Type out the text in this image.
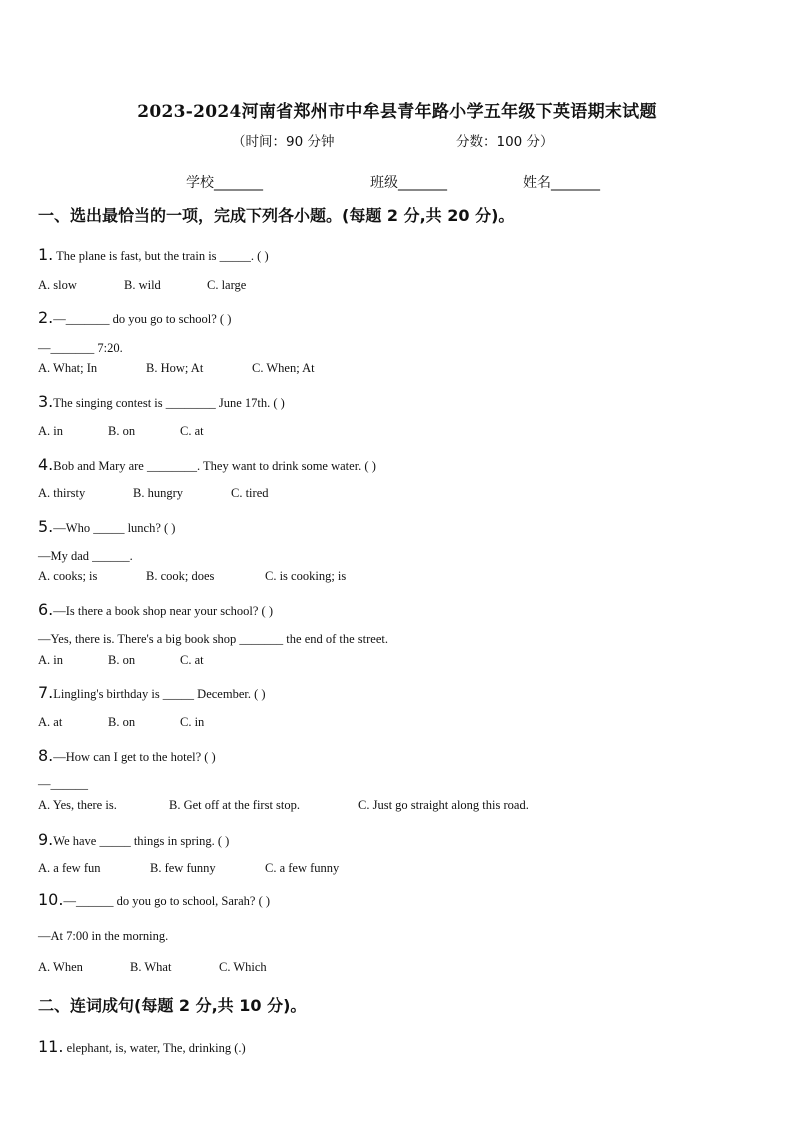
2023-2024河南省郑州市中牟县青年路小学五年级下英语期末试题
（时间：90 分钟	分数：100 分）
学校_______	班级_______	姓名_______
一、选出最恰当的一项，完成下列各小题。(每题 2 分,共 20 分)。
1. The plane is fast, but the train is _____. ( )
A. slow	B. wild	C. large
2.—_______ do you go to school? ( )
—_______ 7:20.
A. What; In	B. How; At	C. When; At
3.The singing contest is ________ June 17th. ( )
A. in	B. on	C. at
4.Bob and Mary are ________. They want to drink some water. ( )
A. thirsty	B. hungry	C. tired
5.—Who _____ lunch? ( )
—My dad ______.
A. cooks; is	B. cook; does	C. is cooking; is
6.—Is there a book shop near your school? ( )
—Yes, there is. There's a big book shop _______ the end of the street.
A. in	B. on	C. at
7.Lingling's birthday is _____ December. ( )
A. at	B. on	C. in
8.—How can I get to the hotel? ( )
—______
A. Yes, there is.	B. Get off at the first stop.	C. Just go straight along this road.
9.We have _____ things in spring. ( )
A. a few fun	B. few funny	C. a few funny
10.—______ do you go to school, Sarah? ( )
—At 7:00 in the morning.
A. When	B. What	C. Which
二、连词成句(每题 2 分,共 10 分)。
11. elephant, is, water, The, drinking (.)
